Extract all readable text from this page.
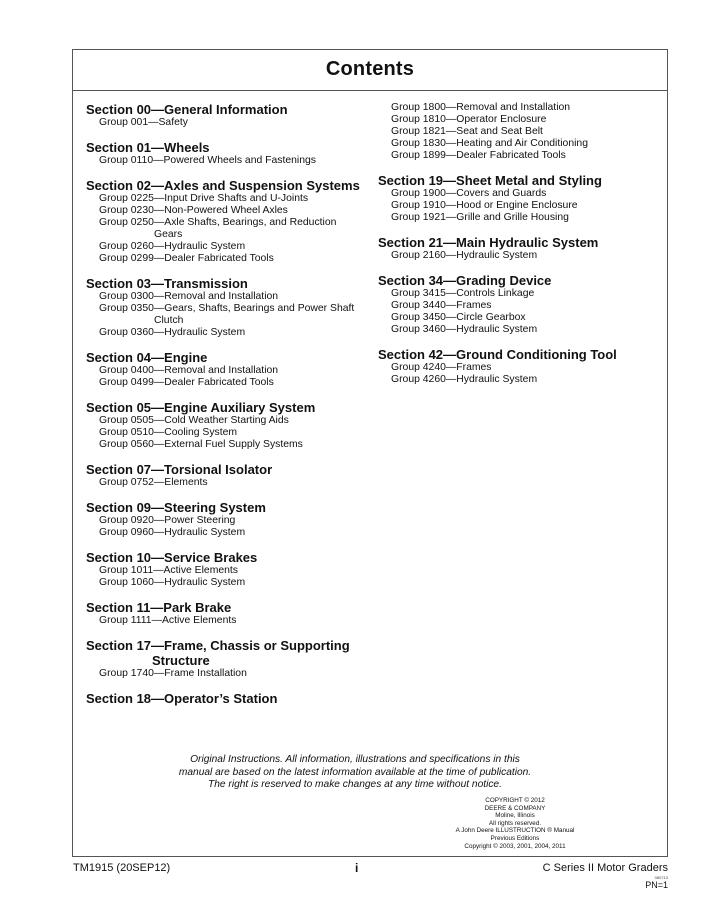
Contents
Section 00—General Information
Group 001—Safety
Section 01—Wheels
Group 0110—Powered Wheels and Fastenings
Section 02—Axles and Suspension Systems
Group 0225—Input Drive Shafts and U-Joints
Group 0230—Non-Powered Wheel Axles
Group 0250—Axle Shafts, Bearings, and Reduction
Gears
Group 0260—Hydraulic System
Group 0299—Dealer Fabricated Tools
Section 03—Transmission
Group 0300—Removal and Installation
Group 0350—Gears, Shafts, Bearings and Power Shaft
Clutch
Group 0360—Hydraulic System
Section 04—Engine
Group 0400—Removal and Installation
Group 0499—Dealer Fabricated Tools
Section 05—Engine Auxiliary System
Group 0505—Cold Weather Starting Aids
Group 0510—Cooling System
Group 0560—External Fuel Supply Systems
Section 07—Torsional Isolator
Group 0752—Elements
Section 09—Steering System
Group 0920—Power Steering
Group 0960—Hydraulic System
Section 10—Service Brakes
Group 1011—Active Elements
Group 1060—Hydraulic System
Section 11—Park Brake
Group 1111—Active Elements
Section 17—Frame, Chassis or Supporting
Structure
Group 1740—Frame Installation
Section 18—Operator’s Station
Group 1800—Removal and Installation
Group 1810—Operator Enclosure
Group 1821—Seat and Seat Belt
Group 1830—Heating and Air Conditioning
Group 1899—Dealer Fabricated Tools
Section 19—Sheet Metal and Styling
Group 1900—Covers and Guards
Group 1910—Hood or Engine Enclosure
Group 1921—Grille and Grille Housing
Section 21—Main Hydraulic System
Group 2160—Hydraulic System
Section 34—Grading Device
Group 3415—Controls Linkage
Group 3440—Frames
Group 3450—Circle Gearbox
Group 3460—Hydraulic System
Section 42—Ground Conditioning Tool
Group 4240—Frames
Group 4260—Hydraulic System
Original Instructions. All information, illustrations and specifications in this
manual are based on the latest information available at the time of publication.
The right is reserved to make changes at any time without notice.
COPYRIGHT © 2012
DEERE & COMPANY
Moline, Illinois
All rights reserved.
A John Deere ILLUSTRUCTION ® Manual
Previous Editions
Copyright © 2003, 2001, 2004, 2011
TM1915 (20SEP12)	i	C Series II Motor Graders
080713
PN=1
